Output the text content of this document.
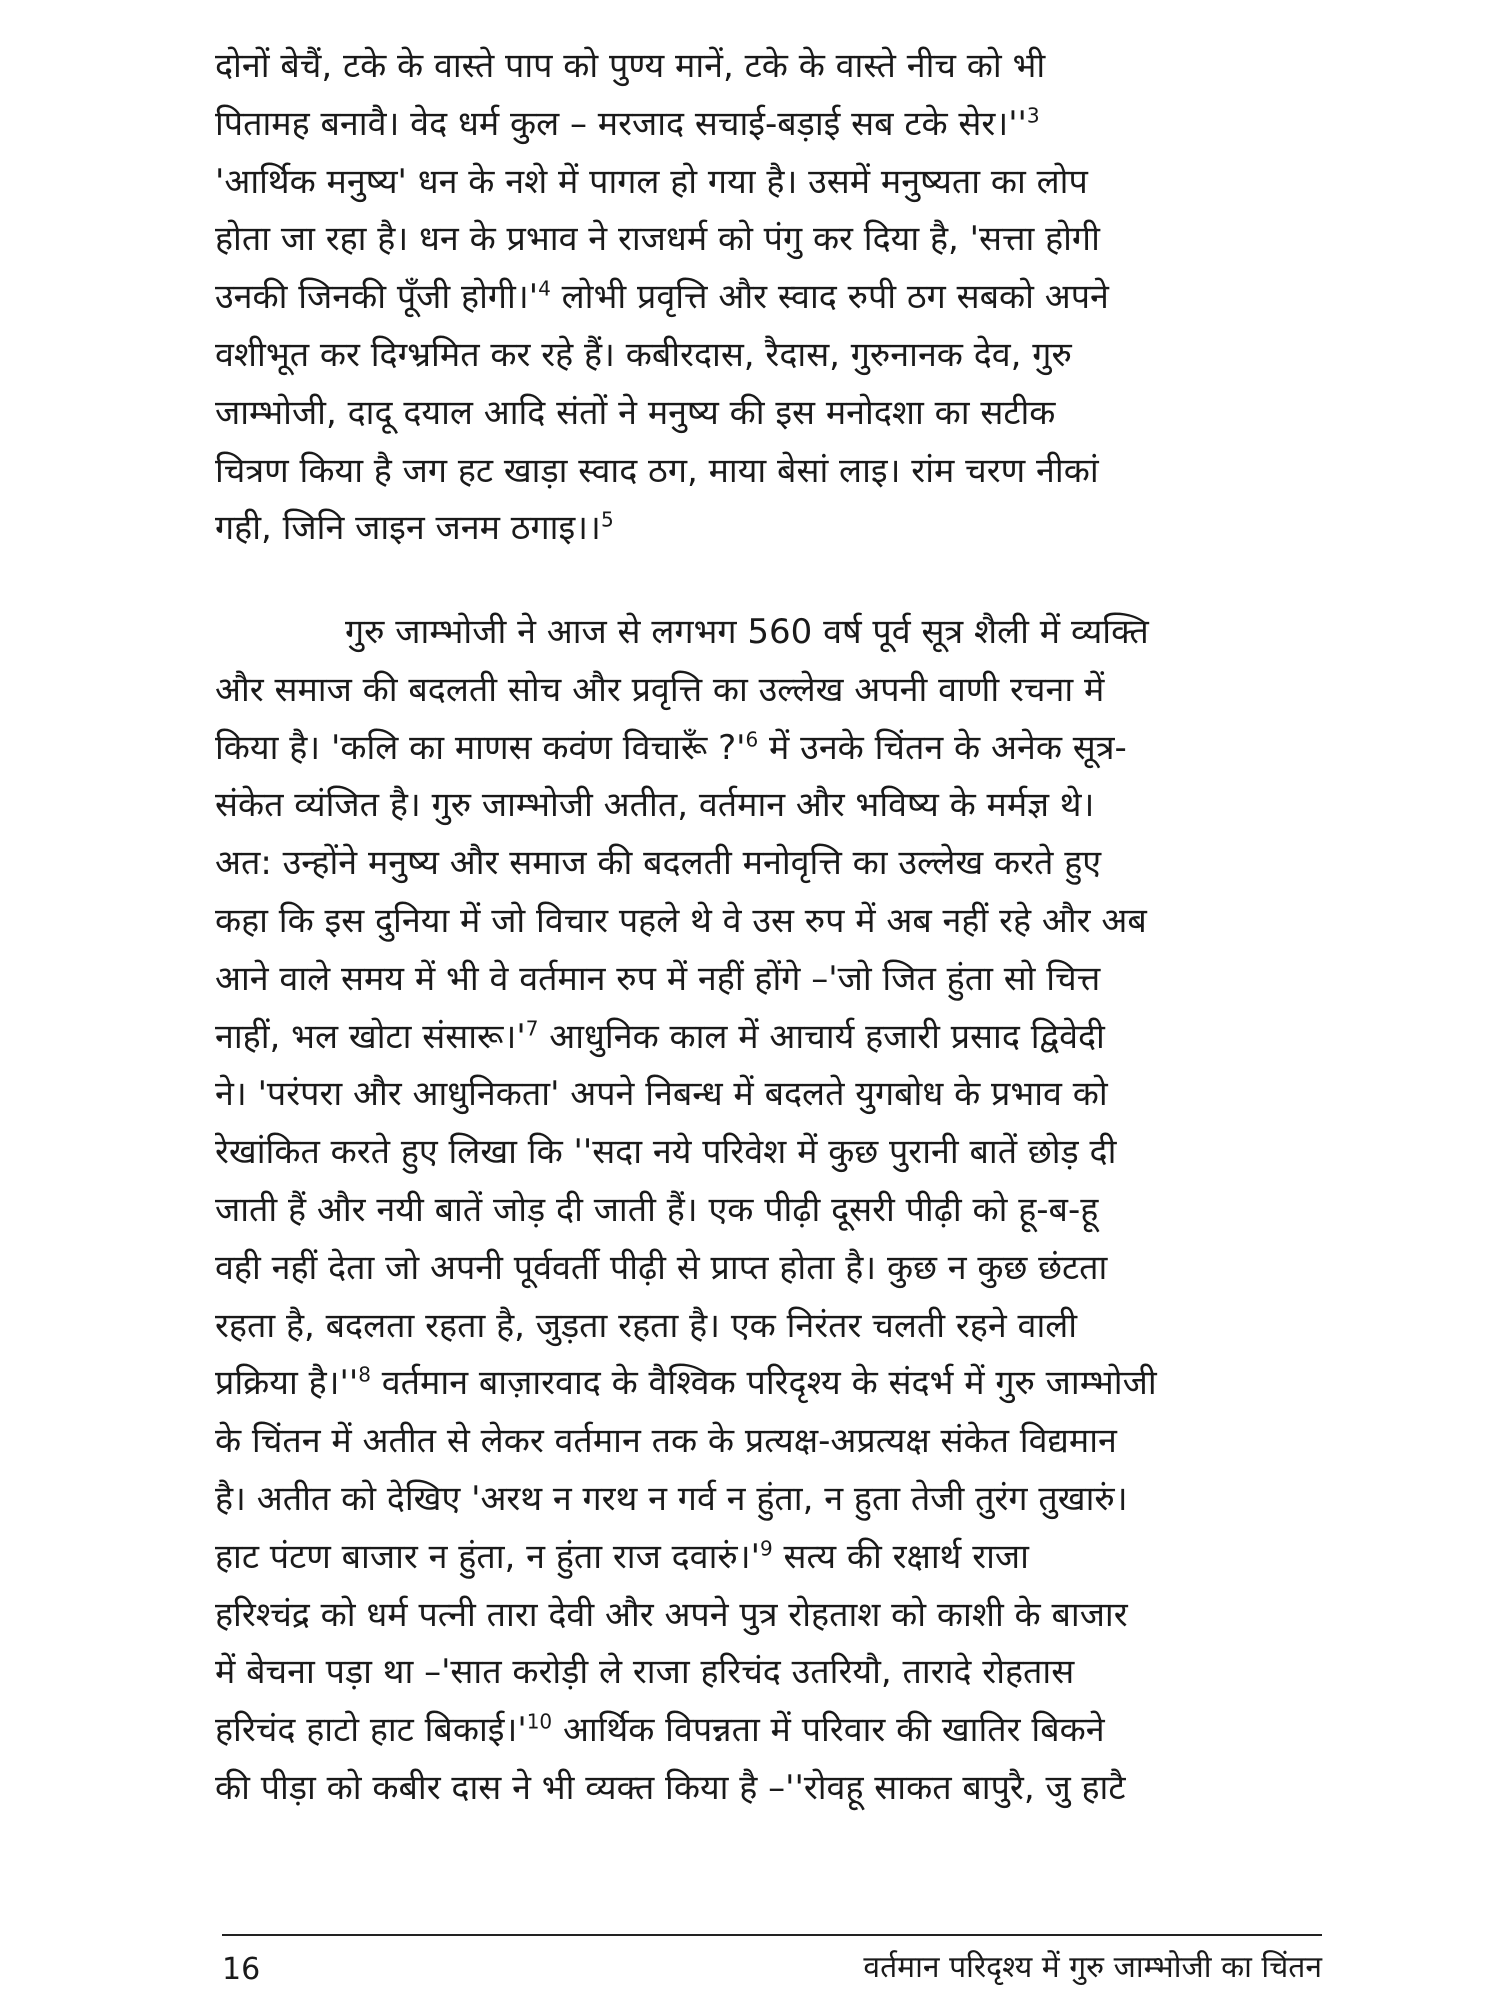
दोनों बेचैं, टके के वास्ते पाप को पुण्य मानें, टके के वास्ते नीच को भी
पितामह बनावै। वेद धर्म कुल – मरजाद सचाई-बड़ाई सब टके $सेर।''^3$
'आर्थिक मनुष्य' धन के नशे में पागल हो गया है। उसमें मनुष्यता का लोप
होता जा रहा है। धन के प्रभाव ने राजधर्म को पंगु कर दिया है, 'सत्ता होगी
उनकी जिनकी पूँजी $होगी।'^4$ लोभी प्रवृत्ति और स्वाद रुपी ठग सबको अपने
वशीभूत कर दिग्भ्रमित कर रहे हैं। कबीरदास, रैदास, गुरुनानक देव, गुरु
जाम्भोजी, दादू दयाल आदि संतों ने मनुष्य की इस मनोदशा का सटीक
चित्रण किया है जग हट खाड़ा स्वाद ठग, माया बेसां लाइ। रांम चरण नीकां
गही, जिनि जाइन जनम ठगाइ।।$^5$
गुरु जाम्भोजी ने आज से लगभग 560 वर्ष पूर्व सूत्र शैली में व्यक्ति
और समाज की बदलती सोच और प्रवृत्ति का उल्लेख अपनी वाणी रचना में
किया है। 'कलि का माणस कवंण विचारूँ $?'^6$ में उनके चिंतन के अनेक सूत्र-
संकेत व्यंजित है। गुरु जाम्भोजी अतीत, वर्तमान और भविष्य के मर्मज्ञ थे।
अत: उन्होंने मनुष्य और समाज की बदलती मनोवृत्ति का उल्लेख करते हुए
कहा कि इस दुनिया में जो विचार पहले थे वे उस रुप में अब नहीं रहे और अब
आने वाले समय में भी वे वर्तमान रुप में नहीं होंगे –'जो जित हुंता सो चित्त
नाहीं, भल खोटा $संसारू।'^7$ आधुनिक काल में आचार्य हजारी प्रसाद द्विवेदी
ने। 'परंपरा और आधुनिकता' अपने निबन्ध में बदलते युगबोध के प्रभाव को
रेखांकित करते हुए लिखा कि ''सदा नये परिवेश में कुछ पुरानी बातें छोड़ दी
जाती हैं और नयी बातें जोड़ दी जाती हैं। एक पीढ़ी दूसरी पीढ़ी को हू-ब-हू
वही नहीं देता जो अपनी पूर्ववर्ती पीढ़ी से प्राप्त होता है। कुछ न कुछ छंटता
रहता है, बदलता रहता है, जुड़ता रहता है। एक निरंतर चलती रहने वाली
प्रक्रिया $है।''^8$ वर्तमान बाज़ारवाद के वैश्विक परिदृश्य के संदर्भ में गुरु जाम्भोजी
के चिंतन में अतीत से लेकर वर्तमान तक के प्रत्यक्ष-अप्रत्यक्ष संकेत विद्यमान
है। अतीत को देखिए 'अरथ न गरथ न गर्व न हुंता, न हुता तेजी तुरंग तुखारुं।
हाट पंटण बाजार न हुंता, न हुंता राज $दवारुं।'^9$ सत्य की रक्षार्थ राजा
हरिश्चंद्र को धर्म पत्नी तारा देवी और अपने पुत्र रोहताश को काशी के बाजार
में बेचना पड़ा था –'सात करोड़ी ले राजा हरिचंद उतरियौ, तारादे रोहतास
हरिचंद हाटो हाट $बिकाई।'^{10}$ आर्थिक विपन्नता में परिवार की खातिर बिकने
की पीड़ा को कबीर दास ने भी व्यक्त किया है –''रोवहू साकत बापुरै, जु हाटै
16	वर्तमान परिदृश्य में गुरु जाम्भोजी का चिंतन
